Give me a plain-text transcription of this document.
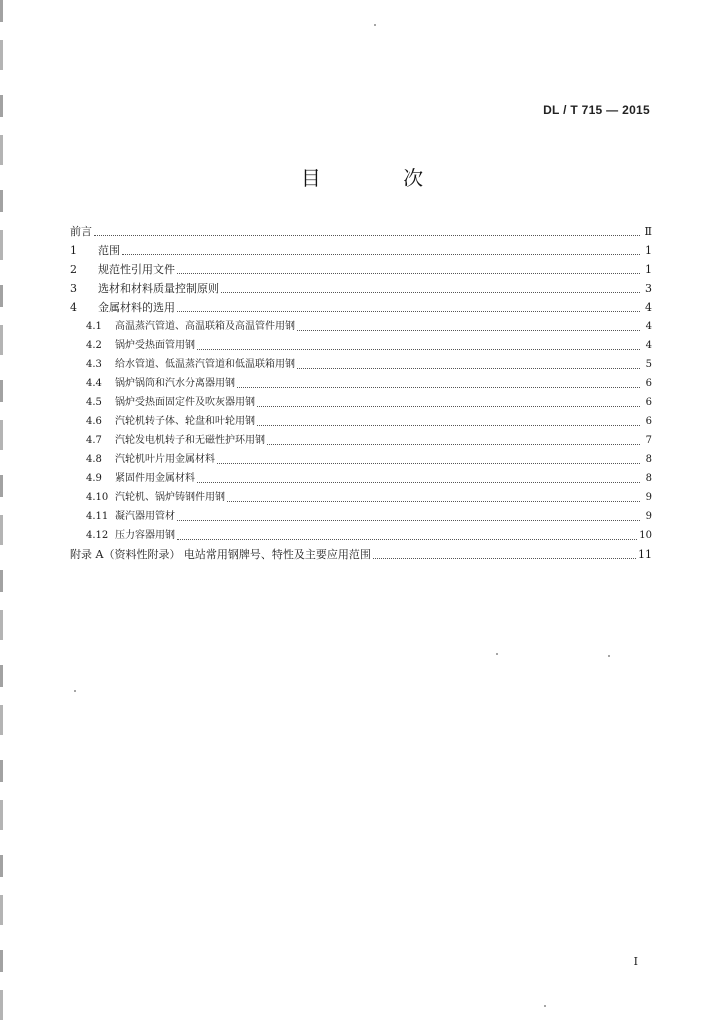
DL / T 715 — 2015
目 次
前言	Ⅱ
1	范围	1
2	规范性引用文件	1
3	选材和材料质量控制原则	3
4	金属材料的选用	4
4.1	高温蒸汽管道、高温联箱及高温管件用钢	4
4.2	锅炉受热面管用钢	4
4.3	给水管道、低温蒸汽管道和低温联箱用钢	5
4.4	锅炉锅筒和汽水分离器用钢	6
4.5	锅炉受热面固定件及吹灰器用钢	6
4.6	汽轮机转子体、轮盘和叶轮用钢	6
4.7	汽轮发电机转子和无磁性护环用钢	7
4.8	汽轮机叶片用金属材料	8
4.9	紧固件用金属材料	8
4.10 汽轮机、锅炉铸钢件用钢	9
4.11 凝汽器用管材	9
4.12 压力容器用钢	10
附录 A（资料性附录） 电站常用钢牌号、特性及主要应用范围	11
I
